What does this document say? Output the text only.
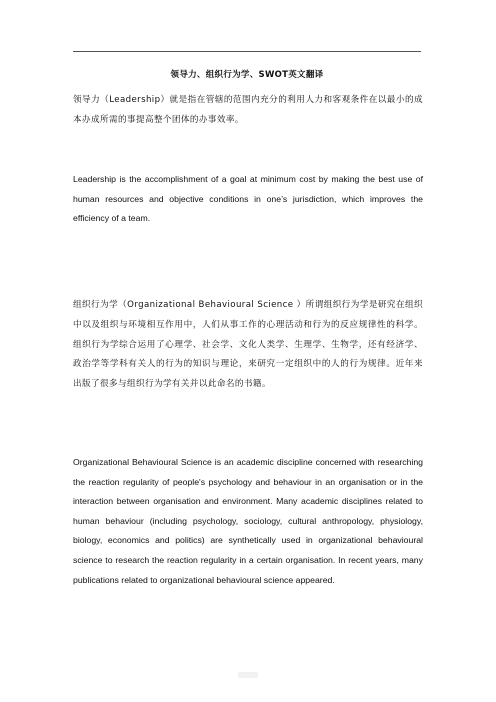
领导力、组织行为学、SWOT英文翻译

领导力（Leadership）就是指在管辖的范围内充分的利用人力和客观条件在以最小的成本办成所需的事提高整个团体的办事效率。

Leadership is the accomplishment of a goal at minimum cost by making the best use of human resources and objective conditions in one’s jurisdiction, which improves the efficiency of a team.

组织行为学（Organizational Behavioural Science ）所谓组织行为学是研究在组织中以及组织与环境相互作用中，人们从事工作的心理活动和行为的反应规律性的科学。组织行为学综合运用了心理学、社会学、文化人类学、生理学、生物学，还有经济学、政治学等学科有关人的行为的知识与理论，来研究一定组织中的人的行为规律。近年来出版了很多与组织行为学有关并以此命名的书籍。

Organizational Behavioural Science is an academic discipline concerned with researching the reaction regularity of people's psychology and behaviour in an organisation or in the interaction between organisation and environment. Many academic disciplines related to human behaviour (including psychology, sociology, cultural anthropology, physiology, biology, economics and politics) are synthetically used in organizational behavioural science to research the reaction regularity in a certain organisation. In recent years, many publications related to organizational behavioural science appeared.
